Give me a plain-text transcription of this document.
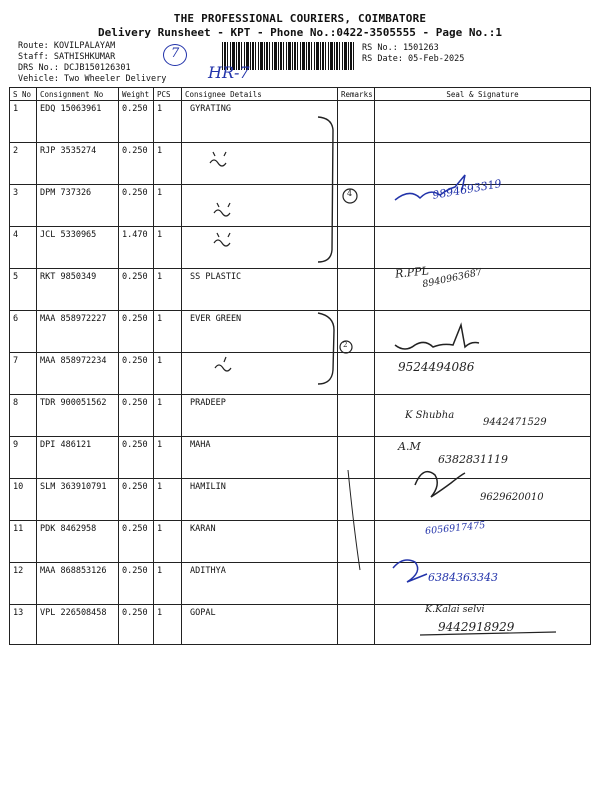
THE PROFESSIONAL COURIERS, COIMBATORE
Delivery Runsheet - KPT - Phone No.:0422-3505555 - Page No.:1
Route: KOVILPALAYAM
Staff: SATHISHKUMAR
DRS No.: DCJB150126301
Vehicle: Two Wheeler Delivery
RS No.: 1501263
RS Date: 05-Feb-2025
S No	Consignment No	Weight	PCS	Consignee Details	Remarks	Seal & Signature
1	EDQ 15063961	0.250	1	GYRATING		
2	RJP 3535274	0.250	1			
3	DPM 737326	0.250	1			
4	JCL 5330965	1.470	1			
5	RKT 9850349	0.250	1	SS PLASTIC		
6	MAA 858972227	0.250	1	EVER GREEN		
7	MAA 858972234	0.250	1			
8	TDR 900051562	0.250	1	PRADEEP		
9	DPI 486121	0.250	1	MAHA		
10	SLM 363910791	0.250	1	HAMILIN		
11	PDK 8462958	0.250	1	KARAN		
12	MAA 868853126	0.250	1	ADITHYA		
13	VPL 226508458	0.250	1	GOPAL		
7
HR-7
9894693319
R.PPL
8940963687
9524494086
K Shubha
9442471529
A.M
6382831119
9629620010
6056917475
6384363343
K.Kalai selvi
9442918929
4
2
